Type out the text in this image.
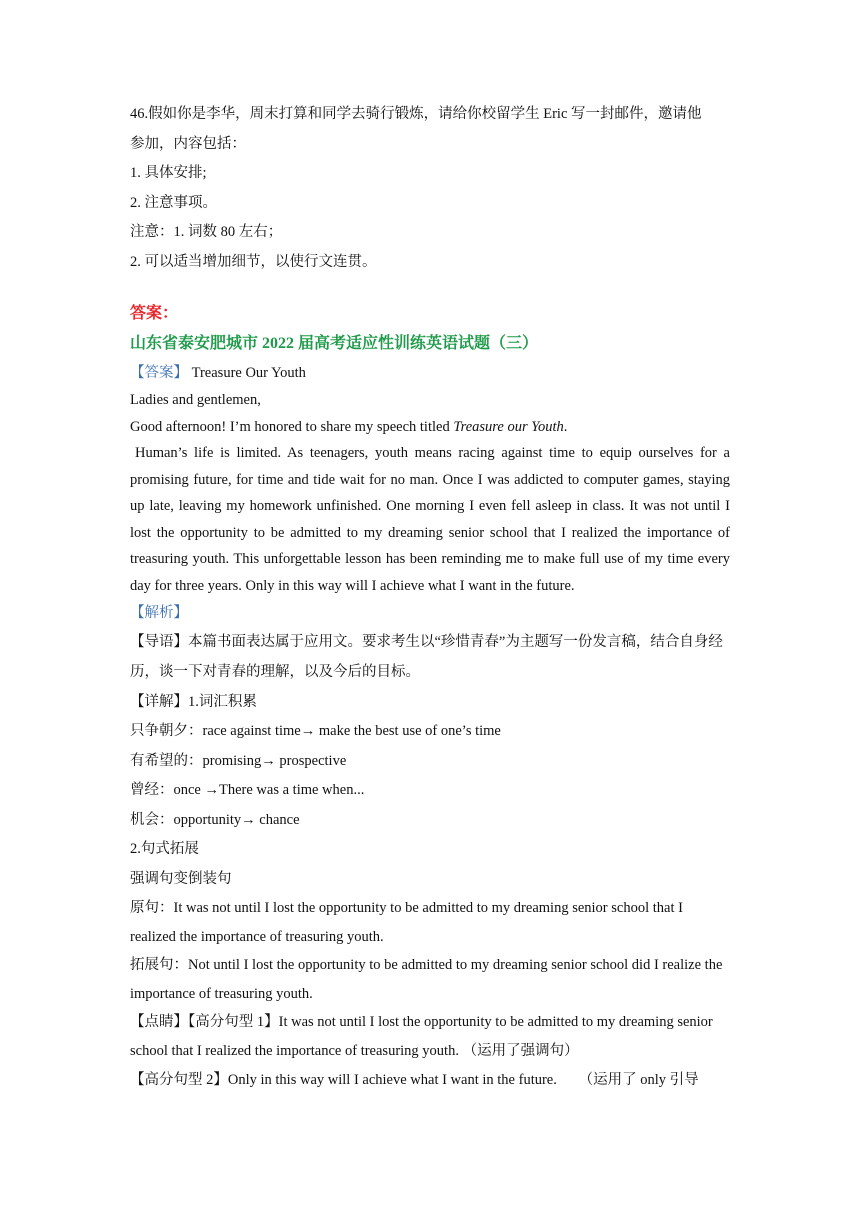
46.假如你是李华，周末打算和同学去骑行锻炼，请给你校留学生 Eric 写一封邮件，邀请他
参加，内容包括：
1. 具体安排;
2. 注意事项。
注意：1. 词数 80 左右；
2. 可以适当增加细节，以使行文连贯。
答案：
山东省泰安肥城市 2022 届高考适应性训练英语试题（三）
【答案】 Treasure Our Youth

Ladies and gentlemen,

Good afternoon! I’m honored to share my speech titled Treasure our Youth.

Human’s life is limited. As teenagers, youth means racing against time to equip ourselves for a promising future, for time and tide wait for no man. Once I was addicted to computer games, staying up late, leaving my homework unfinished. One morning I even fell asleep in class. It was not until I lost the opportunity to be admitted to my dreaming senior school that I realized the importance of treasuring youth. This unforgettable lesson has been reminding me to make full use of my time every day for three years. Only in this way will I achieve what I want in the future.

【解析】
【导语】本篇书面表达属于应用文。要求考生以“珍惜青春”为主题写一份发言稿，结合自身经历，谈一下对青春的理解，以及今后的目标。
【详解】1.词汇积累
只争朝夕：race against time→ make the best use of one’s time
有希望的：promising→ prospective
曾经：once →There was a time when...
机会：opportunity→ chance
2.句式拓展
强调句变倒装句
原句：It was not until I lost the opportunity to be admitted to my dreaming senior school that I realized the importance of treasuring youth.
拓展句：Not until I lost the opportunity to be admitted to my dreaming senior school did I realize the importance of treasuring youth.
【点睛】【高分句型 1】It was not until I lost the opportunity to be admitted to my dreaming senior school that I realized the importance of treasuring youth. （运用了强调句）
【高分句型 2】Only in this way will I achieve what I want in the future.      （运用了 only 引导
